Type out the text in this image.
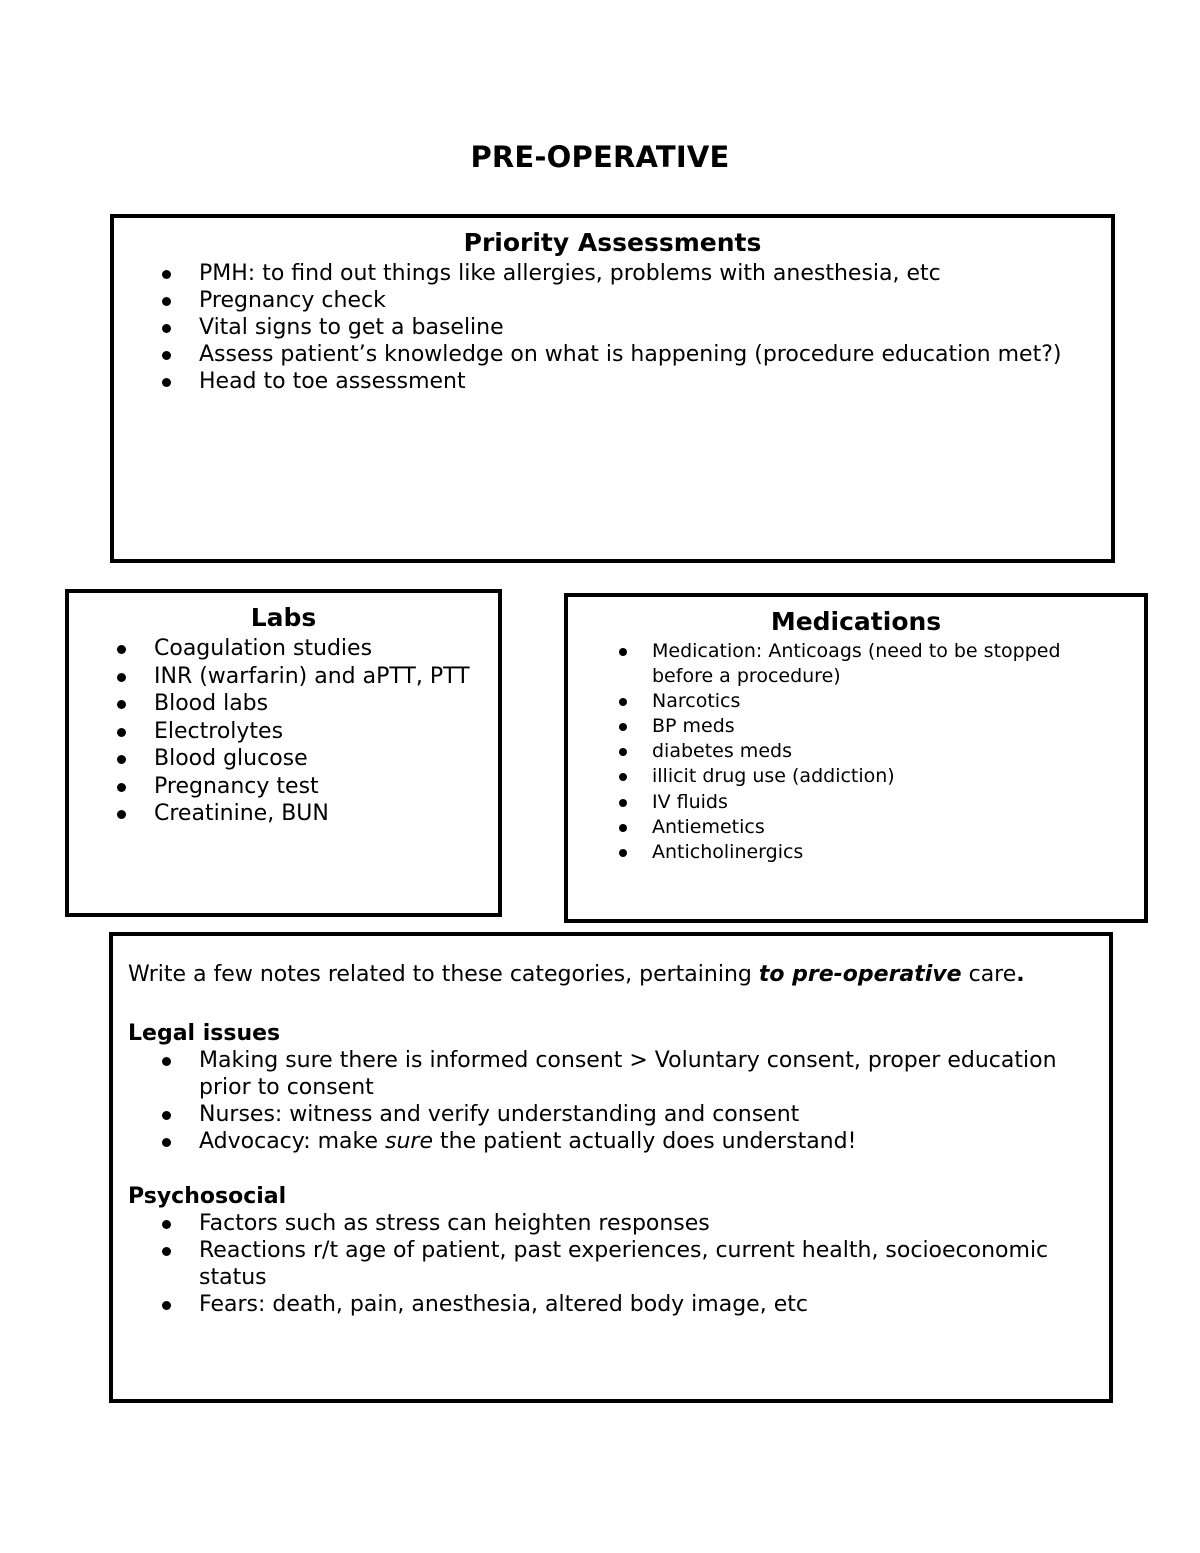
PRE-OPERATIVE
Priority Assessments
PMH: to find out things like allergies, problems with anesthesia, etc
Pregnancy check
Vital signs to get a baseline
Assess patient’s knowledge on what is happening (procedure education met?)
Head to toe assessment
Labs
Coagulation studies
INR (warfarin) and aPTT, PTT
Blood labs
Electrolytes
Blood glucose
Pregnancy test
Creatinine, BUN
Medications
Medication: Anticoags (need to be stopped before a procedure)
Narcotics
BP meds
diabetes meds
illicit drug use (addiction)
IV fluids
Antiemetics
Anticholinergics
Write a few notes related to these categories, pertaining to pre-operative care.
Legal issues
Making sure there is informed consent > Voluntary consent, proper education prior to consent
Nurses: witness and verify understanding and consent
Advocacy: make sure the patient actually does understand!
Psychosocial
Factors such as stress can heighten responses
Reactions r/t age of patient, past experiences, current health, socioeconomic status
Fears: death, pain, anesthesia, altered body image, etc
